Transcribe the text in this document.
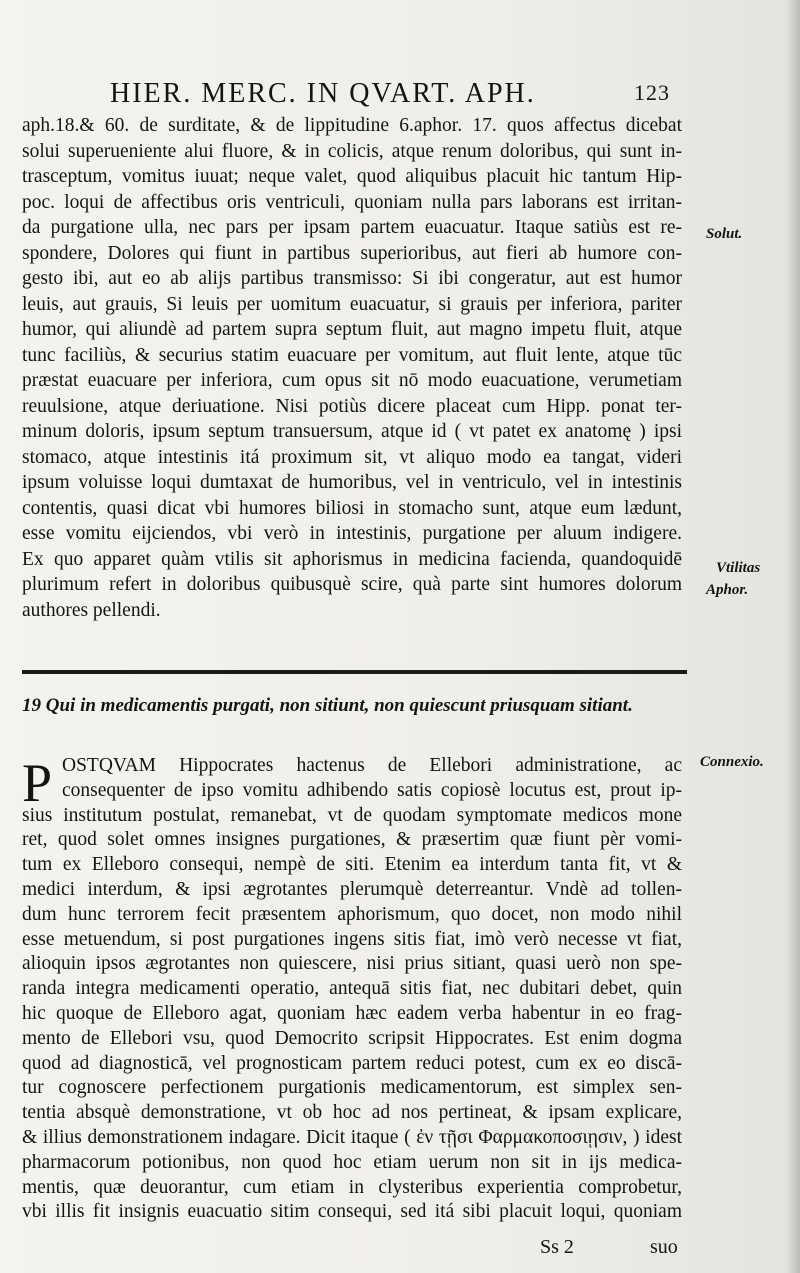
HIER. MERC. IN QVART. APH.	123
aph.18.& 60. de surditate, & de lippitudine 6.aphor. 17. quos affectus dicebat
solui superueniente alui fluore, & in colicis, atque renum doloribus, qui sunt in-
trasceptum, vomitus iuuat; neque valet, quod aliquibus placuit hic tantum Hip-
poc. loqui de affectibus oris ventriculi, quoniam nulla pars laborans est irritan-
da purgatione ulla, nec pars per ipsam partem euacuatur. Itaque satiùs est re-
spondere, Dolores qui fiunt in partibus superioribus, aut fieri ab humore con-
gesto ibi, aut eo ab alijs partibus transmisso: Si ibi congeratur, aut est humor
leuis, aut grauis, Si leuis per uomitum euacuatur, si grauis per inferiora, pariter
humor, qui aliundè ad partem supra septum fluit, aut magno impetu fluit, atque
tunc faciliùs, & securius statim euacuare per vomitum, aut fluit lente, atque tūc
præstat euacuare per inferiora, cum opus sit nō modo euacuatione, verumetiam
reuulsione, atque deriuatione. Nisi potiùs dicere placeat cum Hipp. ponat ter-
minum doloris, ipsum septum transuersum, atque id ( vt patet ex anatomę ) ipsi
stomaco, atque intestinis itá proximum sit, vt aliquo modo ea tangat, videri
ipsum voluisse loqui dumtaxat de humoribus, vel in ventriculo, vel in intestinis
contentis, quasi dicat vbi humores biliosi in stomacho sunt, atque eum lædunt,
esse vomitu eijciendos, vbi verò in intestinis, purgatione per aluum indigere.
Ex quo apparet quàm vtilis sit aphorismus in medicina facienda, quandoquidē
plurimum refert in doloribus quibusquè scire, quà parte sint humores dolorum
authores pellendi.
Solut.
Vtilitas
Aphor.
Connexio.
19 Qui in medicamentis purgati, non sitiunt, non quiescunt priusquam sitiant.
P OSTQVAM Hippocrates hactenus de Ellebori administratione, ac
consequenter de ipso vomitu adhibendo satis copiosè locutus est, prout ip-
sius institutum postulat, remanebat, vt de quodam symptomate medicos mone
ret, quod solet omnes insignes purgationes, & præsertim quæ fiunt pèr vomi-
tum ex Elleboro consequi, nempè de siti. Etenim ea interdum tanta fit, vt &
medici interdum, & ipsi ægrotantes plerumquè deterreantur. Vndè ad tollen-
dum hunc terrorem fecit præsentem aphorismum, quo docet, non modo nihil
esse metuendum, si post purgationes ingens sitis fiat, imò verò necesse vt fiat,
alioquin ipsos ægrotantes non quiescere, nisi prius sitiant, quasi uerò non spe-
randa integra medicamenti operatio, antequā sitis fiat, nec dubitari debet, quin
hic quoque de Elleboro agat, quoniam hæc eadem verba habentur in eo frag-
mento de Ellebori vsu, quod Democrito scripsit Hippocrates. Est enim dogma
quod ad diagnosticā, vel prognosticam partem reduci potest, cum ex eo discā-
tur cognoscere perfectionem purgationis medicamentorum, est simplex sen-
tentia absquè demonstratione, vt ob hoc ad nos pertineat, & ipsam explicare,
& illius demonstrationem indagare. Dicit itaque ( ἐν τῇσι Φαρμακοποσιῃσιν, ) idest
pharmacorum potionibus, non quod hoc etiam uerum non sit in ijs medica-
mentis, quæ deuorantur, cum etiam in clysteribus experientia comprobetur,
vbi illis fit insignis euacuatio sitim consequi, sed itá sibi placuit loqui, quoniam
Ss 2	suo
